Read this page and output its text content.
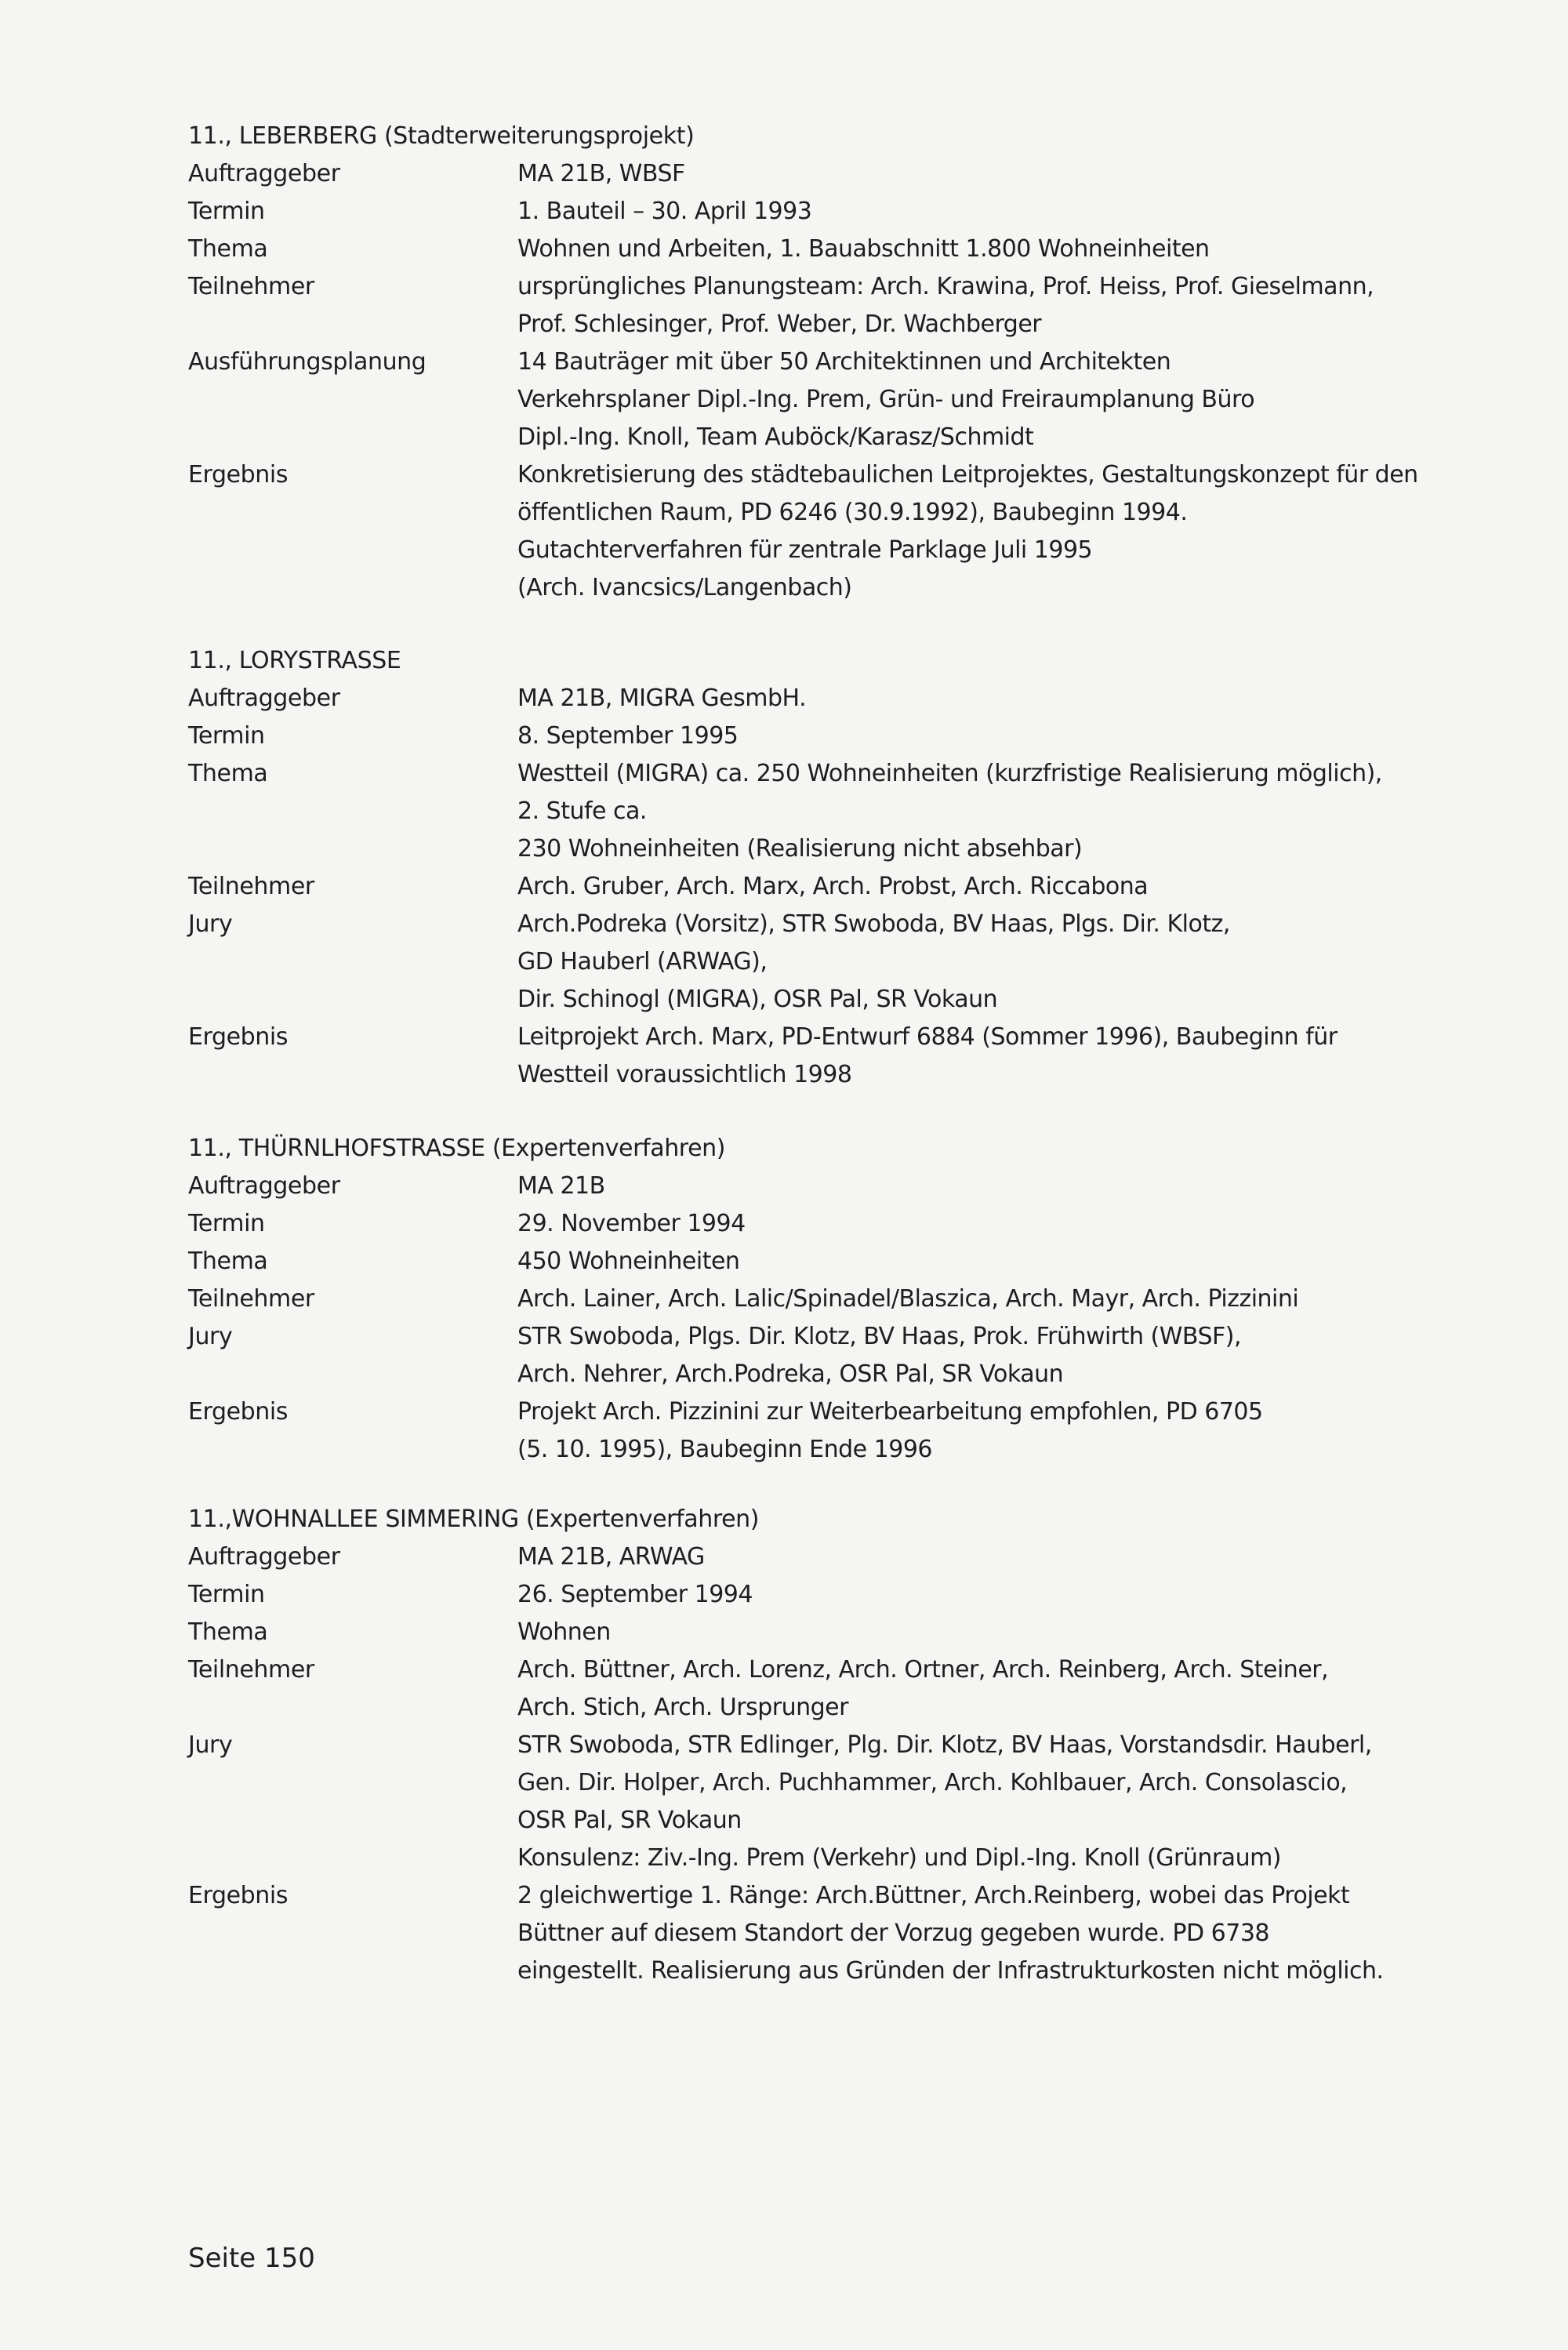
11., LEBERBERG (Stadterweiterungsprojekt)
Auftraggeber	MA 21B, WBSF
Termin	1. Bauteil – 30. April 1993
Thema	Wohnen und Arbeiten, 1. Bauabschnitt 1.800 Wohneinheiten
Teilnehmer	ursprüngliches Planungsteam: Arch. Krawina, Prof. Heiss, Prof. Gieselmann,
Prof. Schlesinger, Prof. Weber, Dr. Wachberger
Ausführungsplanung	14 Bauträger mit über 50 Architektinnen und Architekten
Verkehrsplaner Dipl.-Ing. Prem, Grün- und Freiraumplanung Büro
Dipl.-Ing. Knoll, Team Auböck/Karasz/Schmidt
Ergebnis	Konkretisierung des städtebaulichen Leitprojektes, Gestaltungskonzept für den
öffentlichen Raum, PD 6246 (30.9.1992), Baubeginn 1994.
Gutachterverfahren für zentrale Parklage Juli 1995
(Arch. Ivancsics/Langenbach)
11., LORYSTRASSE
Auftraggeber	MA 21B, MIGRA GesmbH.
Termin	8. September 1995
Thema	Westteil (MIGRA) ca. 250 Wohneinheiten (kurzfristige Realisierung möglich),
2. Stufe ca.
230 Wohneinheiten (Realisierung nicht absehbar)
Teilnehmer	Arch. Gruber, Arch. Marx, Arch. Probst, Arch. Riccabona
Jury	Arch.Podreka (Vorsitz), STR Swoboda, BV Haas, Plgs. Dir. Klotz,
GD Hauberl (ARWAG),
Dir. Schinogl (MIGRA), OSR Pal, SR Vokaun
Ergebnis	Leitprojekt Arch. Marx, PD-Entwurf 6884 (Sommer 1996), Baubeginn für
Westteil voraussichtlich 1998
11., THÜRNLHOFSTRASSE (Expertenverfahren)
Auftraggeber	MA 21B
Termin	29. November 1994
Thema	450 Wohneinheiten
Teilnehmer	Arch. Lainer, Arch. Lalic/Spinadel/Blaszica, Arch. Mayr, Arch. Pizzinini
Jury	STR Swoboda, Plgs. Dir. Klotz, BV Haas, Prok. Frühwirth (WBSF),
Arch. Nehrer, Arch.Podreka, OSR Pal, SR Vokaun
Ergebnis	Projekt Arch. Pizzinini zur Weiterbearbeitung empfohlen, PD 6705
(5. 10. 1995), Baubeginn Ende 1996
11.,WOHNALLEE SIMMERING (Expertenverfahren)
Auftraggeber	MA 21B, ARWAG
Termin	26. September 1994
Thema	Wohnen
Teilnehmer	Arch. Büttner, Arch. Lorenz, Arch. Ortner, Arch. Reinberg, Arch. Steiner,
Arch. Stich, Arch. Ursprunger
Jury	STR Swoboda, STR Edlinger, Plg. Dir. Klotz, BV Haas, Vorstandsdir. Hauberl,
Gen. Dir. Holper, Arch. Puchhammer, Arch. Kohlbauer, Arch. Consolascio,
OSR Pal, SR Vokaun
Konsulenz: Ziv.-Ing. Prem (Verkehr) und Dipl.-Ing. Knoll (Grünraum)
Ergebnis	2 gleichwertige 1. Ränge: Arch.Büttner, Arch.Reinberg, wobei das Projekt
Büttner auf diesem Standort der Vorzug gegeben wurde. PD 6738
eingestellt. Realisierung aus Gründen der Infrastrukturkosten nicht möglich.
Seite 150
